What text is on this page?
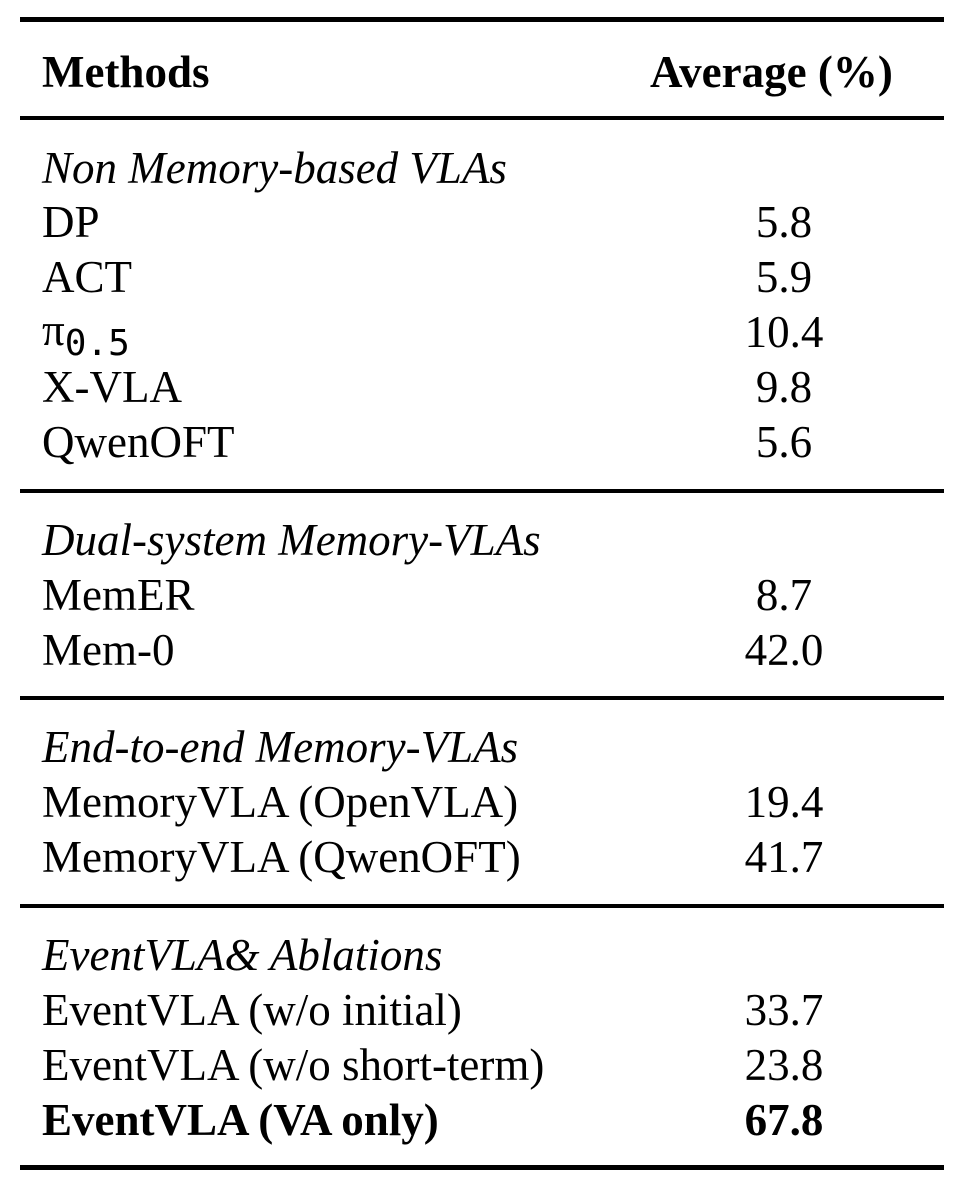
Methods	Average (%)
Non Memory-based VLAs
DP	5.8
ACT	5.9
$\pi_{0.5}$	10.4
X-VLA	9.8
QwenOFT	5.6
Dual-system Memory-VLAs
MemER	8.7
Mem-0	42.0
End-to-end Memory-VLAs
MemoryVLA (OpenVLA)	19.4
MemoryVLA (QwenOFT)	41.7
EventVLA& Ablations
EventVLA (w/o initial)	33.7
EventVLA (w/o short-term)	23.8
EventVLA (VA only)	67.8
